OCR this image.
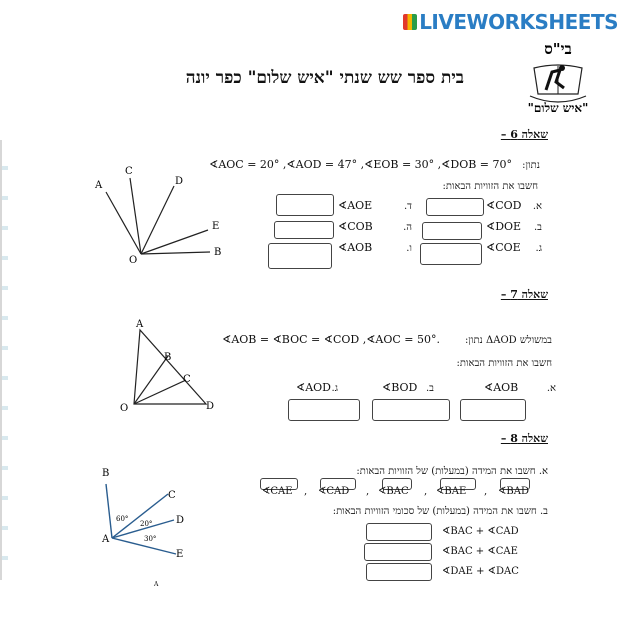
LIVEWORKSHEETS
בי"ס
"איש שלום"
בית ספר שש שנתי "איש שלום" כפר יונה
שאלה 6 –
A
C
D
E
B
O
נתון:
∢AOC = 20° ,∢AOD = 47° ,∢EOB = 30° ,∢DOB = 70°
חשבו את הזוויות הבאות:
א.
∢COD
ב.
∢DOE
ג.
∢COE
ד.
∢AOE
ה.
∢COB
ו.
∢AOB
שאלה 7 –
A
B
C
O	D
במשולש ΔAOD נתון:
∢AOB = ∢BOC = ∢COD ,∢AOC = 50°.
חשבו את הזוויות הבאות:
א.
∢AOB
ב.
∢BOD
ג.
∢AOD
שאלה 8 –
B
C
D
E
A
60°
20°
30°
A
א. חשבו את המידה (במעלות) של הזוויות הבאות:
∢CAE , ∢CAD , ∢BAC , ∢BAE , ∢BAD
ב. חשבו את המידה (במעלות) של סכומי הזוויות הבאות:
∢BAC + ∢CAD
∢BAC + ∢CAE
∢DAE + ∢DAC
